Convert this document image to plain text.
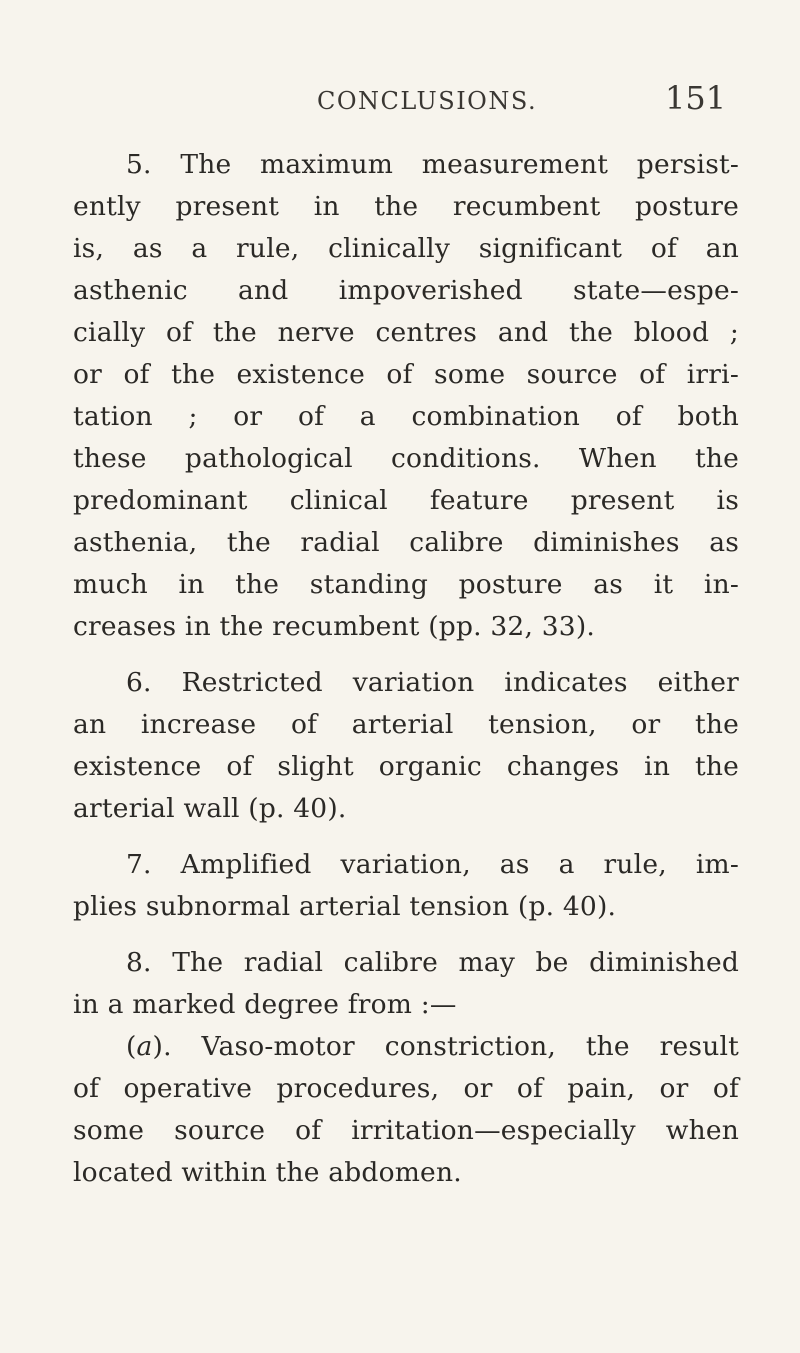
CONCLUSIONS.	151
5. The maximum measurement persist-
ently present in the recumbent posture
is, as a rule, clinically significant of an
asthenic and impoverished state—espe-
cially of the nerve centres and the blood ;
or of the existence of some source of irri-
tation ; or of a combination of both
these pathological conditions. When the
predominant clinical feature present is
asthenia, the radial calibre diminishes as
much in the standing posture as it in-
creases in the recumbent (pp. 32, 33).
6. Restricted variation indicates either
an increase of arterial tension, or the
existence of slight organic changes in the
arterial wall (p. 40).
7. Amplified variation, as a rule, im-
plies subnormal arterial tension (p. 40).
8. The radial calibre may be diminished
in a marked degree from :—
(a). Vaso-motor constriction, the result
of operative procedures, or of pain, or of
some source of irritation—especially when
located within the abdomen.
